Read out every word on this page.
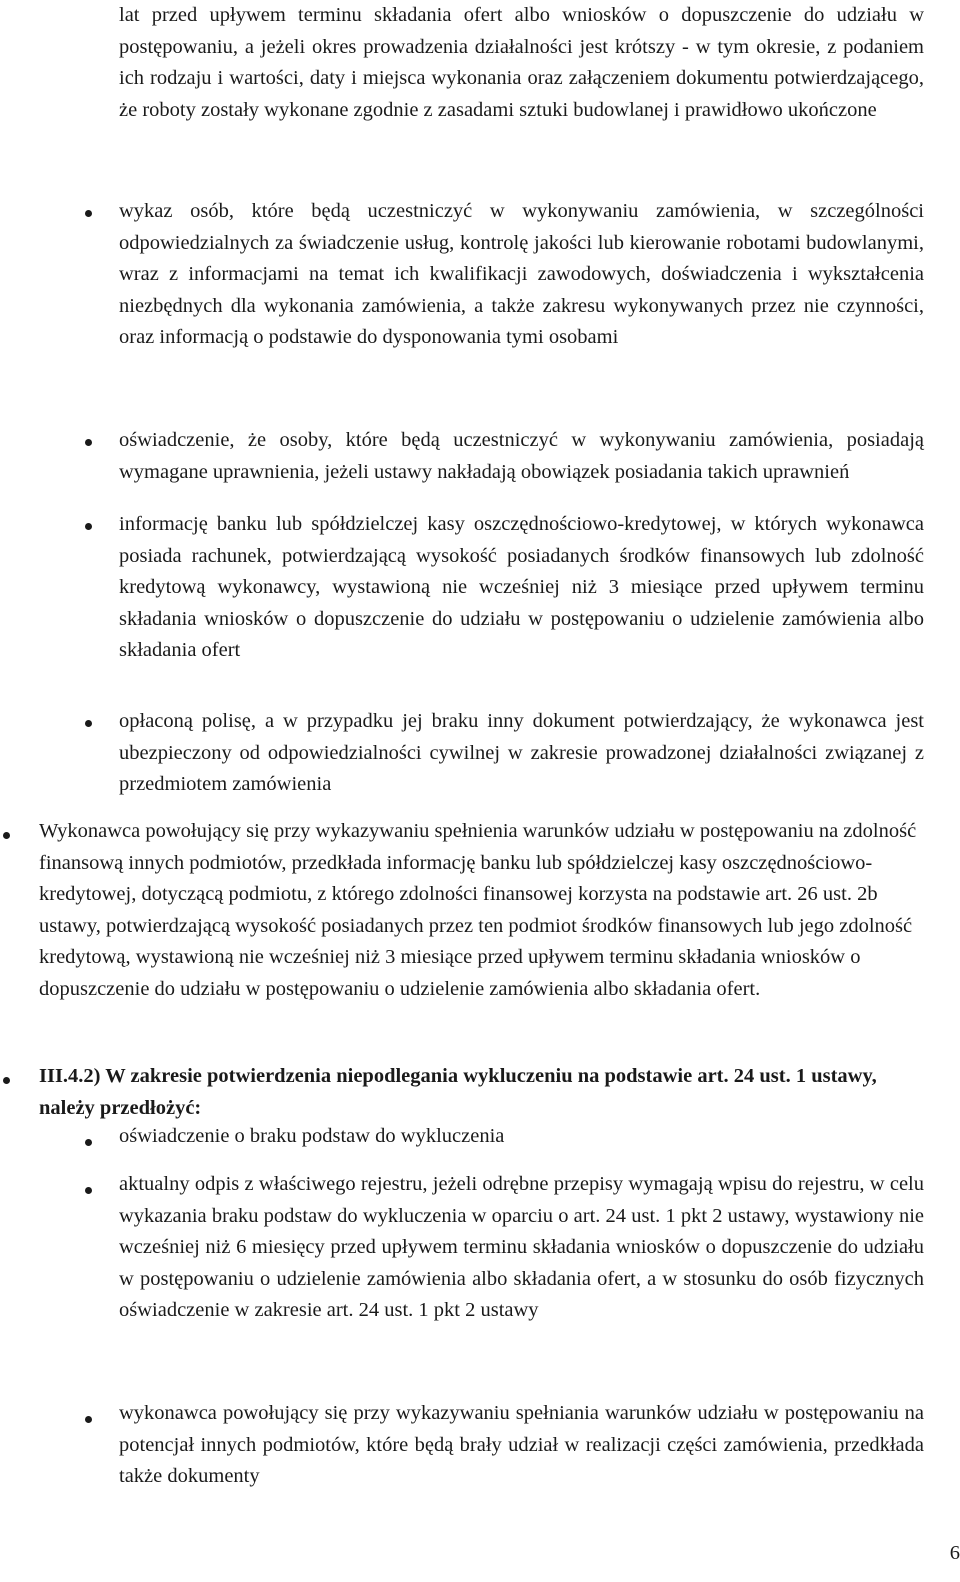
lat przed upływem terminu składania ofert albo wniosków o dopuszczenie do udziału w postępowaniu, a jeżeli okres prowadzenia działalności jest krótszy - w tym okresie, z podaniem ich rodzaju i wartości, daty i miejsca wykonania oraz załączeniem dokumentu potwierdzającego, że roboty zostały wykonane zgodnie z zasadami sztuki budowlanej i prawidłowo ukończone
wykaz osób, które będą uczestniczyć w wykonywaniu zamówienia, w szczególności odpowiedzialnych za świadczenie usług, kontrolę jakości lub kierowanie robotami budowlanymi, wraz z informacjami na temat ich kwalifikacji zawodowych, doświadczenia i wykształcenia niezbędnych dla wykonania zamówienia, a także zakresu wykonywanych przez nie czynności, oraz informacją o podstawie do dysponowania tymi osobami
oświadczenie, że osoby, które będą uczestniczyć w wykonywaniu zamówienia, posiadają wymagane uprawnienia, jeżeli ustawy nakładają obowiązek posiadania takich uprawnień
informację banku lub spółdzielczej kasy oszczędnościowo-kredytowej, w których wykonawca posiada rachunek, potwierdzającą wysokość posiadanych środków finansowych lub zdolność kredytową wykonawcy, wystawioną nie wcześniej niż 3 miesiące przed upływem terminu składania wniosków o dopuszczenie do udziału w postępowaniu o udzielenie zamówienia albo składania ofert
opłaconą polisę, a w przypadku jej braku inny dokument potwierdzający, że wykonawca jest ubezpieczony od odpowiedzialności cywilnej w zakresie prowadzonej działalności związanej z przedmiotem zamówienia
Wykonawca powołujący się przy wykazywaniu spełnienia warunków udziału w postępowaniu na zdolność finansową innych podmiotów, przedkłada informację banku lub spółdzielczej kasy oszczędnościowo-kredytowej, dotyczącą podmiotu, z którego zdolności finansowej korzysta na podstawie art. 26 ust. 2b ustawy, potwierdzającą wysokość posiadanych przez ten podmiot środków finansowych lub jego zdolność kredytową, wystawioną nie wcześniej niż 3 miesiące przed upływem terminu składania wniosków o dopuszczenie do udziału w postępowaniu o udzielenie zamówienia albo składania ofert.
III.4.2) W zakresie potwierdzenia niepodlegania wykluczeniu na podstawie art. 24 ust. 1 ustawy, należy przedłożyć:
oświadczenie o braku podstaw do wykluczenia
aktualny odpis z właściwego rejestru, jeżeli odrębne przepisy wymagają wpisu do rejestru, w celu wykazania braku podstaw do wykluczenia w oparciu o art. 24 ust. 1 pkt 2 ustawy, wystawiony nie wcześniej niż 6 miesięcy przed upływem terminu składania wniosków o dopuszczenie do udziału w postępowaniu o udzielenie zamówienia albo składania ofert, a w stosunku do osób fizycznych oświadczenie w zakresie art. 24 ust. 1 pkt 2 ustawy
wykonawca powołujący się przy wykazywaniu spełniania warunków udziału w postępowaniu na potencjał innych podmiotów, które będą brały udział w realizacji części zamówienia, przedkłada także dokumenty
6
